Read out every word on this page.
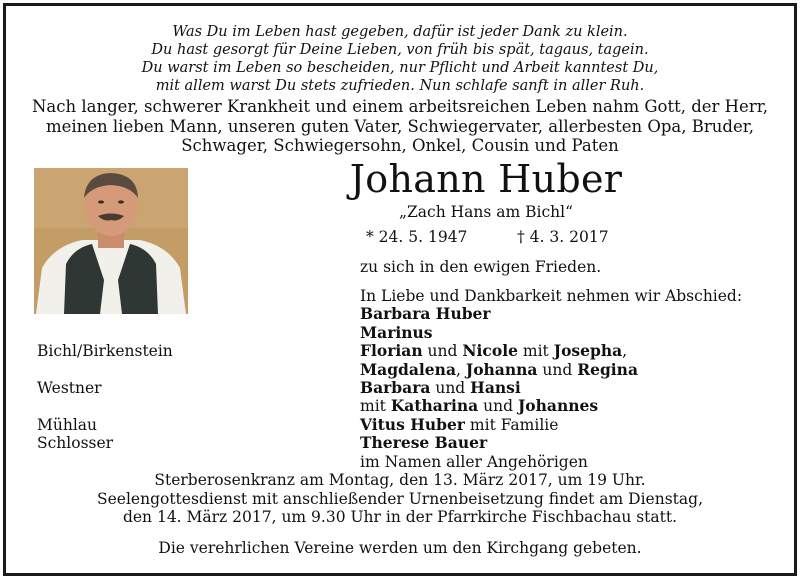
Was Du im Leben hast gegeben, dafür ist jeder Dank zu klein.
Du hast gesorgt für Deine Lieben, von früh bis spät, tagaus, tagein.
Du warst im Leben so bescheiden, nur Pflicht und Arbeit kanntest Du,
mit allem warst Du stets zufrieden. Nun schlafe sanft in aller Ruh.
Nach langer, schwerer Krankheit und einem arbeitsreichen Leben nahm Gott, der Herr,
meinen lieben Mann, unseren guten Vater, Schwiegervater, allerbesten Opa, Bruder,
Schwager, Schwiegersohn, Onkel, Cousin und Paten
Johann Huber
„Zach Hans am Bichl“
* 24. 5. 1947	† 4. 3. 2017
zu sich in den ewigen Frieden.
Bichl/Birkenstein
Westner
Mühlau
Schlosser
In Liebe und Dankbarkeit nehmen wir Abschied:
Barbara Huber
Marinus
Florian und Nicole mit Josepha,
Magdalena, Johanna und Regina
Barbara und Hansi
mit Katharina und Johannes
Vitus Huber mit Familie
Therese Bauer
im Namen aller Angehörigen
Sterberosenkranz am Montag, den 13. März 2017, um 19 Uhr.
Seelengottesdienst mit anschließender Urnenbeisetzung findet am Dienstag,
den 14. März 2017, um 9.30 Uhr in der Pfarrkirche Fischbachau statt.
Die verehrlichen Vereine werden um den Kirchgang gebeten.
